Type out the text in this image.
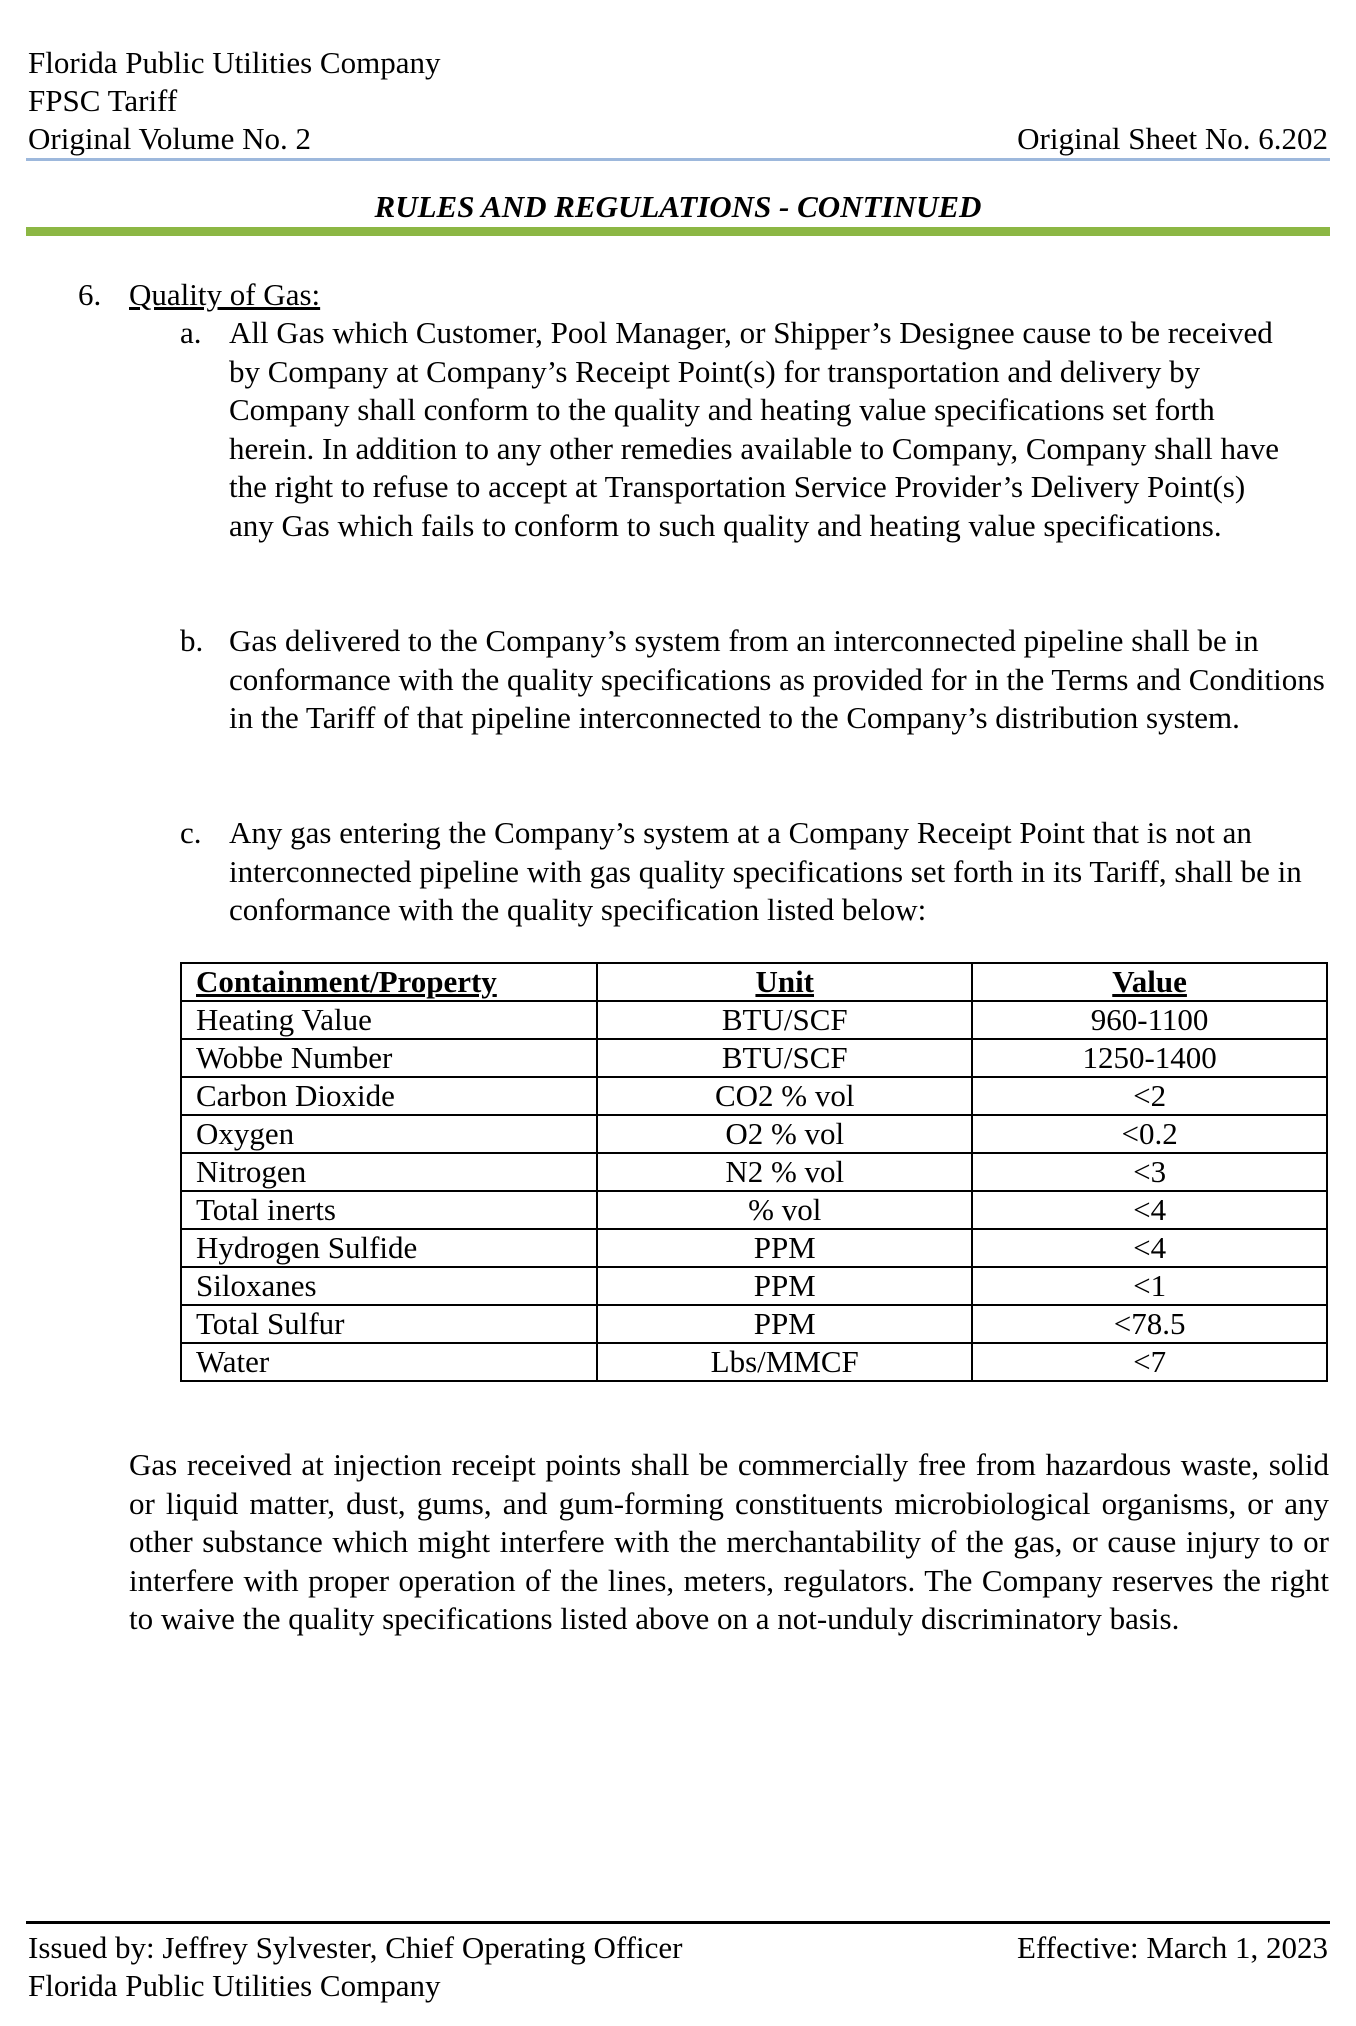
Florida Public Utilities Company
FPSC Tariff
Original Volume No. 2	Original Sheet No. 6.202
RULES AND REGULATIONS - CONTINUED
6. Quality of Gas:
a. All Gas which Customer, Pool Manager, or Shipper’s Designee cause to be received by Company at Company’s Receipt Point(s) for transportation and delivery by Company shall conform to the quality and heating value specifications set forth herein. In addition to any other remedies available to Company, Company shall have the right to refuse to accept at Transportation Service Provider’s Delivery Point(s) any Gas which fails to conform to such quality and heating value specifications.
b. Gas delivered to the Company’s system from an interconnected pipeline shall be in conformance with the quality specifications as provided for in the Terms and Conditions in the Tariff of that pipeline interconnected to the Company’s distribution system.
c. Any gas entering the Company’s system at a Company Receipt Point that is not an interconnected pipeline with gas quality specifications set forth in its Tariff, shall be in conformance with the quality specification listed below:
Containment/Property	Unit	Value
Heating Value	BTU/SCF	960-1100
Wobbe Number	BTU/SCF	1250-1400
Carbon Dioxide	CO2 % vol	<2
Oxygen	O2 % vol	<0.2
Nitrogen	N2 % vol	<3
Total inerts	% vol	<4
Hydrogen Sulfide	PPM	<4
Siloxanes	PPM	<1
Total Sulfur	PPM	<78.5
Water	Lbs/MMCF	<7
Gas received at injection receipt points shall be commercially free from hazardous waste, solid or liquid matter, dust, gums, and gum-forming constituents microbiological organisms, or any other substance which might interfere with the merchantability of the gas, or cause injury to or interfere with proper operation of the lines, meters, regulators. The Company reserves the right to waive the quality specifications listed above on a not-unduly discriminatory basis.
Issued by: Jeffrey Sylvester, Chief Operating Officer	Effective: March 1, 2023
Florida Public Utilities Company
